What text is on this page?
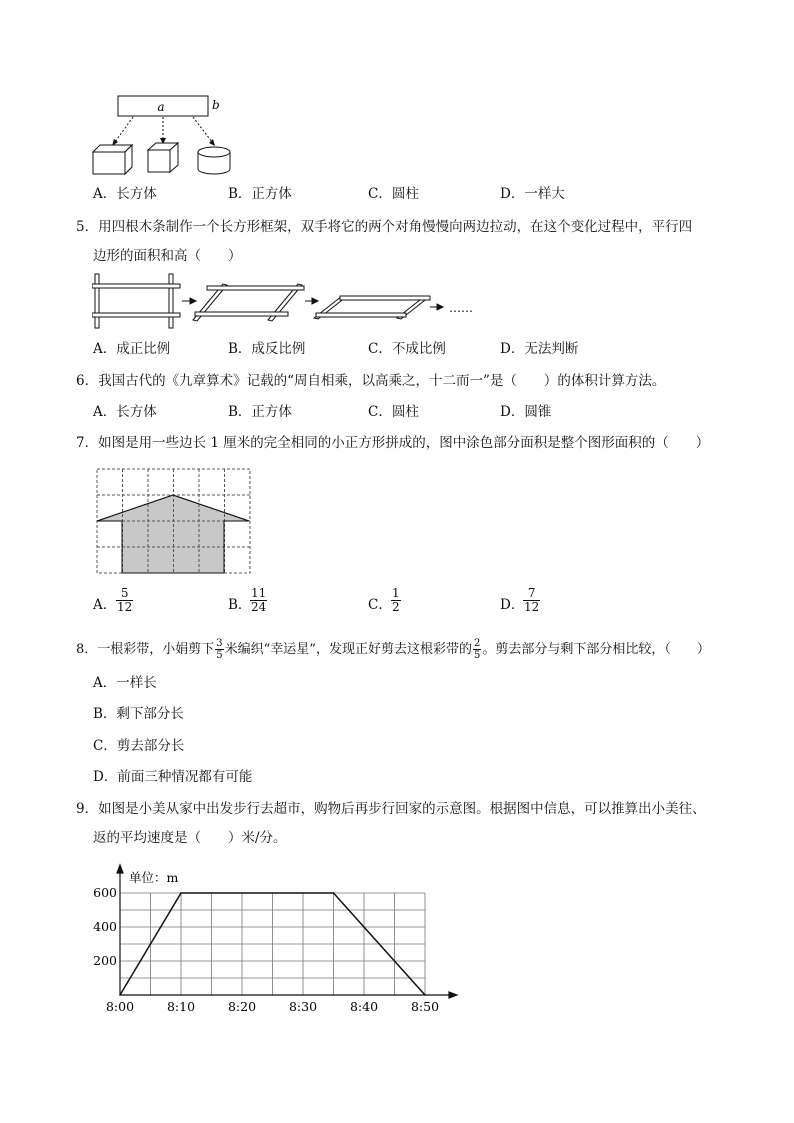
a	b
A．长方体	B．正方体	C．圆柱	D．一样大
5．用四根木条制作一个长方形框架，双手将它的两个对角慢慢向两边拉动，在这个变化过程中，平行四
边形的面积和高（　　）
……
A．成正比例	B．成反比例	C．不成比例	D．无法判断
6．我国古代的《九章算术》记载的“周自相乘，以高乘之，十二而一”是（　　）的体积计算方法。
A．长方体	B．正方体	C．圆柱	D．圆锥
7．如图是用一些边长 1 厘米的完全相同的小正方形拼成的，图中涂色部分面积是整个图形面积的（　　）
A． $\frac{5}{12}$	B．
$\frac{11}{24}$	C． $\frac{1}{2}$	D．
$\frac{7}{12}$
8．一根彩带，小娟剪下 $\frac{3}{5}$ 米编织“幸运星”，发现正好剪去这根彩带的 $\frac{2}{5}$ 。剪去部分与剩下部分相比较，（　　）
A．一样长
B．剩下部分长
C．剪去部分长
D．前面三种情况都有可能
9．如图是小美从家中出发步行去超市，购物后再步行回家的示意图。根据图中信息，可以推算出小美往、
返的平均速度是（　　）米/分。
单位：m
200
400
600
8:00	8:10	8:20	8:30	8:40	8:50
